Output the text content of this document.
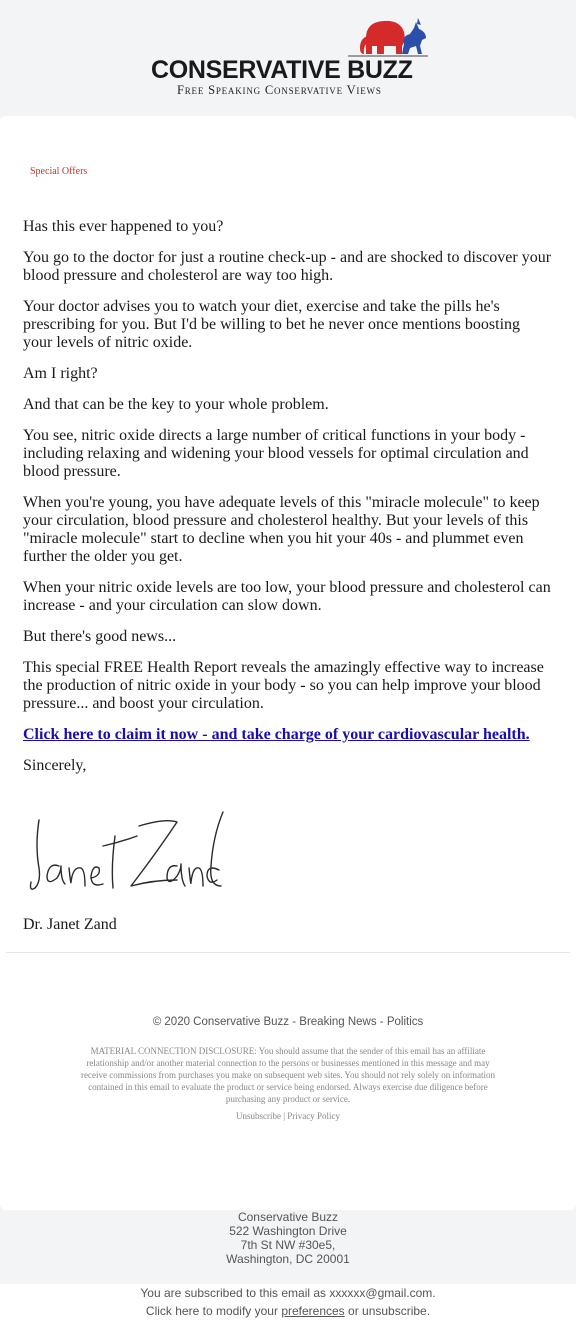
CONSERVATIVE BUZZ
Free Speaking Conservative Views
Special Offers

Has this ever happened to you?

You go to the doctor for just a routine check-up - and are shocked to discover your blood pressure and cholesterol are way too high.

Your doctor advises you to watch your diet, exercise and take the pills he's prescribing for you. But I'd be willing to bet he never once mentions boosting your levels of nitric oxide.

Am I right?

And that can be the key to your whole problem.

You see, nitric oxide directs a large number of critical functions in your body - including relaxing and widening your blood vessels for optimal circulation and blood pressure.

When you're young, you have adequate levels of this "miracle molecule" to keep your circulation, blood pressure and cholesterol healthy. But your levels of this "miracle molecule" start to decline when you hit your 40s - and plummet even further the older you get.

When your nitric oxide levels are too low, your blood pressure and cholesterol can increase - and your circulation can slow down.

But there's good news...

This special FREE Health Report reveals the amazingly effective way to increase the production of nitric oxide in your body - so you can help improve your blood pressure... and boost your circulation.

Click here to claim it now - and take charge of your cardiovascular health.

Sincerely,

Dr. Janet Zand
© 2020 Conservative Buzz - Breaking News - Politics
MATERIAL CONNECTION DISCLOSURE: You should assume that the sender of this email has an affiliate relationship and/or another material connection to the persons or businesses mentioned in this message and may receive commissions from purchases you make on subsequent web sites. You should not rely solely on information contained in this email to evaluate the product or service being endorsed. Always exercise due diligence before purchasing any product or service.
Unsubscribe | Privacy Policy
Conservative Buzz
522 Washington Drive
7th St NW #30e5,
Washington, DC 20001
You are subscribed to this email as xxxxxx@gmail.com.
Click here to modify your preferences or unsubscribe.
